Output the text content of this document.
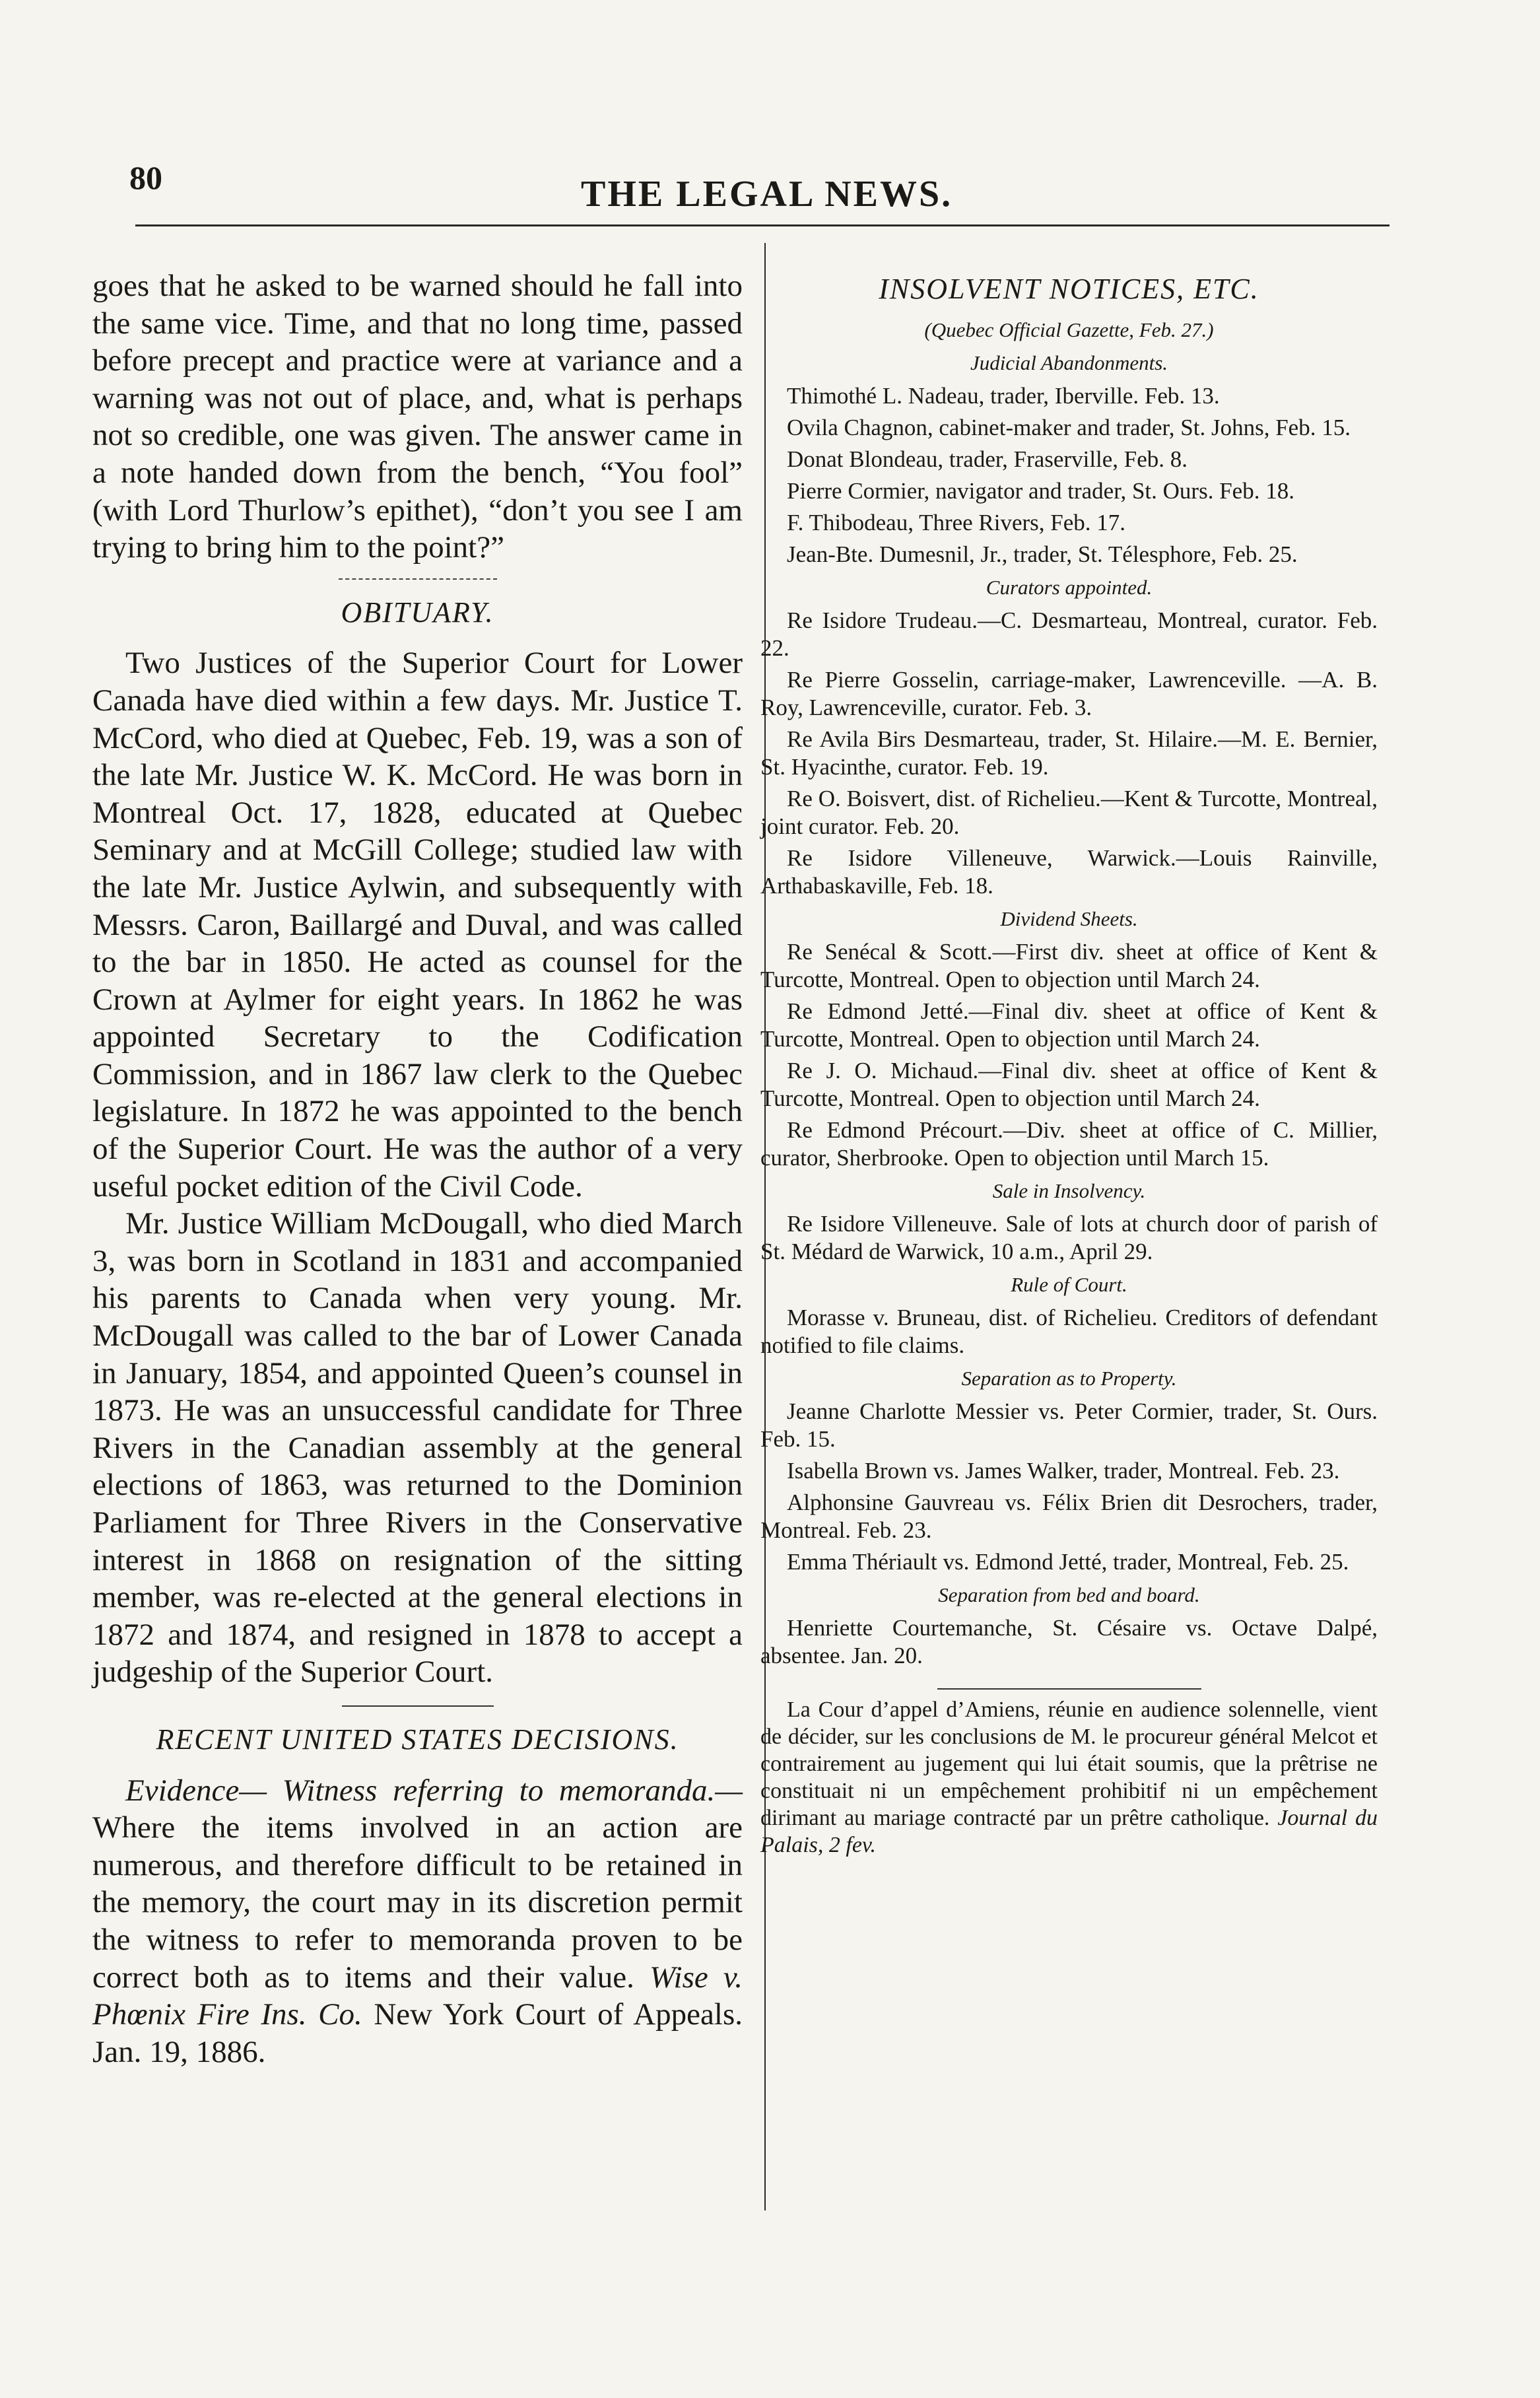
80	THE LEGAL NEWS.

goes that he asked to be warned should he fall into the same vice. Time, and that no long time, passed before precept and practice were at variance and a warning was not out of place, and, what is perhaps not so credible, one was given. The answer came in a note handed down from the bench, “You fool” (with Lord Thurlow’s epithet), “don’t you see I am trying to bring him to the point?”

OBITUARY.

Two Justices of the Superior Court for Lower Canada have died within a few days. Mr. Justice T. McCord, who died at Quebec, Feb. 19, was a son of the late Mr. Justice W. K. McCord. He was born in Montreal Oct. 17, 1828, educated at Quebec Seminary and at McGill College; studied law with the late Mr. Justice Aylwin, and subsequently with Messrs. Caron, Baillargé and Duval, and was called to the bar in 1850. He acted as counsel for the Crown at Aylmer for eight years. In 1862 he was appointed Secretary to the Codification Commission, and in 1867 law clerk to the Quebec legislature. In 1872 he was appointed to the bench of the Superior Court. He was the author of a very useful pocket edition of the Civil Code.

Mr. Justice William McDougall, who died March 3, was born in Scotland in 1831 and accompanied his parents to Canada when very young. Mr. McDougall was called to the bar of Lower Canada in January, 1854, and appointed Queen’s counsel in 1873. He was an unsuccessful candidate for Three Rivers in the Canadian assembly at the general elections of 1863, was returned to the Dominion Parliament for Three Rivers in the Conservative interest in 1868 on resignation of the sitting member, was re-elected at the general elections in 1872 and 1874, and resigned in 1878 to accept a judgeship of the Superior Court.

RECENT UNITED STATES DECISIONS.

Evidence— Witness referring to memoranda.— Where the items involved in an action are numerous, and therefore difficult to be retained in the memory, the court may in its discretion permit the witness to refer to memoranda proven to be correct both as to items and their value. Wise v. Phœnix Fire Ins. Co. New York Court of Appeals. Jan. 19, 1886.

INSOLVENT NOTICES, ETC.
(Quebec Official Gazette, Feb. 27.)
Judicial Abandonments.

Thimothé L. Nadeau, trader, Iberville. Feb. 13.

Ovila Chagnon, cabinet-maker and trader, St. Johns, Feb. 15.

Donat Blondeau, trader, Fraserville, Feb. 8.

Pierre Cormier, navigator and trader, St. Ours. Feb. 18.

F. Thibodeau, Three Rivers, Feb. 17.

Jean-Bte. Dumesnil, Jr., trader, St. Télesphore, Feb. 25.

Curators appointed.

Re Isidore Trudeau.—C. Desmarteau, Montreal, curator. Feb. 22.

Re Pierre Gosselin, carriage-maker, Lawrenceville. —A. B. Roy, Lawrenceville, curator. Feb. 3.

Re Avila Birs Desmarteau, trader, St. Hilaire.—M. E. Bernier, St. Hyacinthe, curator. Feb. 19.

Re O. Boisvert, dist. of Richelieu.—Kent & Turcotte, Montreal, joint curator. Feb. 20.

Re Isidore Villeneuve, Warwick.—Louis Rainville, Arthabaskaville, Feb. 18.

Dividend Sheets.

Re Senécal & Scott.—First div. sheet at office of Kent & Turcotte, Montreal. Open to objection until March 24.

Re Edmond Jetté.—Final div. sheet at office of Kent & Turcotte, Montreal. Open to objection until March 24.

Re J. O. Michaud.—Final div. sheet at office of Kent & Turcotte, Montreal. Open to objection until March 24.

Re Edmond Précourt.—Div. sheet at office of C. Millier, curator, Sherbrooke. Open to objection until March 15.

Sale in Insolvency.

Re Isidore Villeneuve. Sale of lots at church door of parish of St. Médard de Warwick, 10 a.m., April 29.

Rule of Court.

Morasse v. Bruneau, dist. of Richelieu. Creditors of defendant notified to file claims.

Separation as to Property.

Jeanne Charlotte Messier vs. Peter Cormier, trader, St. Ours. Feb. 15.

Isabella Brown vs. James Walker, trader, Montreal. Feb. 23.

Alphonsine Gauvreau vs. Félix Brien dit Desrochers, trader, Montreal. Feb. 23.

Emma Thériault vs. Edmond Jetté, trader, Montreal, Feb. 25.

Separation from bed and board.

Henriette Courtemanche, St. Césaire vs. Octave Dalpé, absentee. Jan. 20.

La Cour d’appel d’Amiens, réunie en audience solennelle, vient de décider, sur les conclusions de M. le procureur général Melcot et contrairement au jugement qui lui était soumis, que la prêtrise ne constituait ni un empêchement prohibitif ni un empêchement dirimant au mariage contracté par un prêtre catholique. Journal du Palais, 2 fev.
